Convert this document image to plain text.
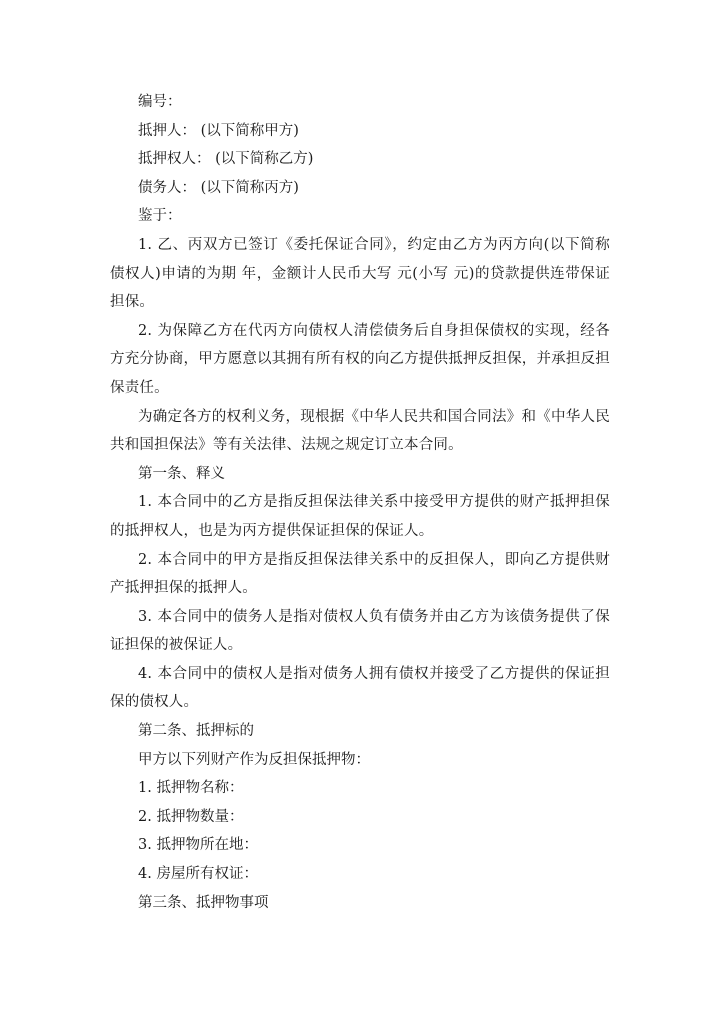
编号：

抵押人： (以下简称甲方)

抵押权人： (以下简称乙方)

债务人： (以下简称丙方)

鉴于：

1. 乙、丙双方已签订《委托保证合同》，约定由乙方为丙方向(以下简称债权人)申请的为期 年，金额计人民币大写 元(小写 元)的贷款提供连带保证担保。

2. 为保障乙方在代丙方向债权人清偿债务后自身担保债权的实现，经各方充分协商，甲方愿意以其拥有所有权的向乙方提供抵押反担保，并承担反担保责任。

为确定各方的权利义务，现根据《中华人民共和国合同法》和《中华人民共和国担保法》等有关法律、法规之规定订立本合同。

第一条、释义

1. 本合同中的乙方是指反担保法律关系中接受甲方提供的财产抵押担保的抵押权人，也是为丙方提供保证担保的保证人。

2. 本合同中的甲方是指反担保法律关系中的反担保人，即向乙方提供财产抵押担保的抵押人。

3. 本合同中的债务人是指对债权人负有债务并由乙方为该债务提供了保证担保的被保证人。

4. 本合同中的债权人是指对债务人拥有债权并接受了乙方提供的保证担保的债权人。

第二条、抵押标的

甲方以下列财产作为反担保抵押物：

1. 抵押物名称：

2. 抵押物数量：

3. 抵押物所在地：

4. 房屋所有权证：

第三条、抵押物事项
